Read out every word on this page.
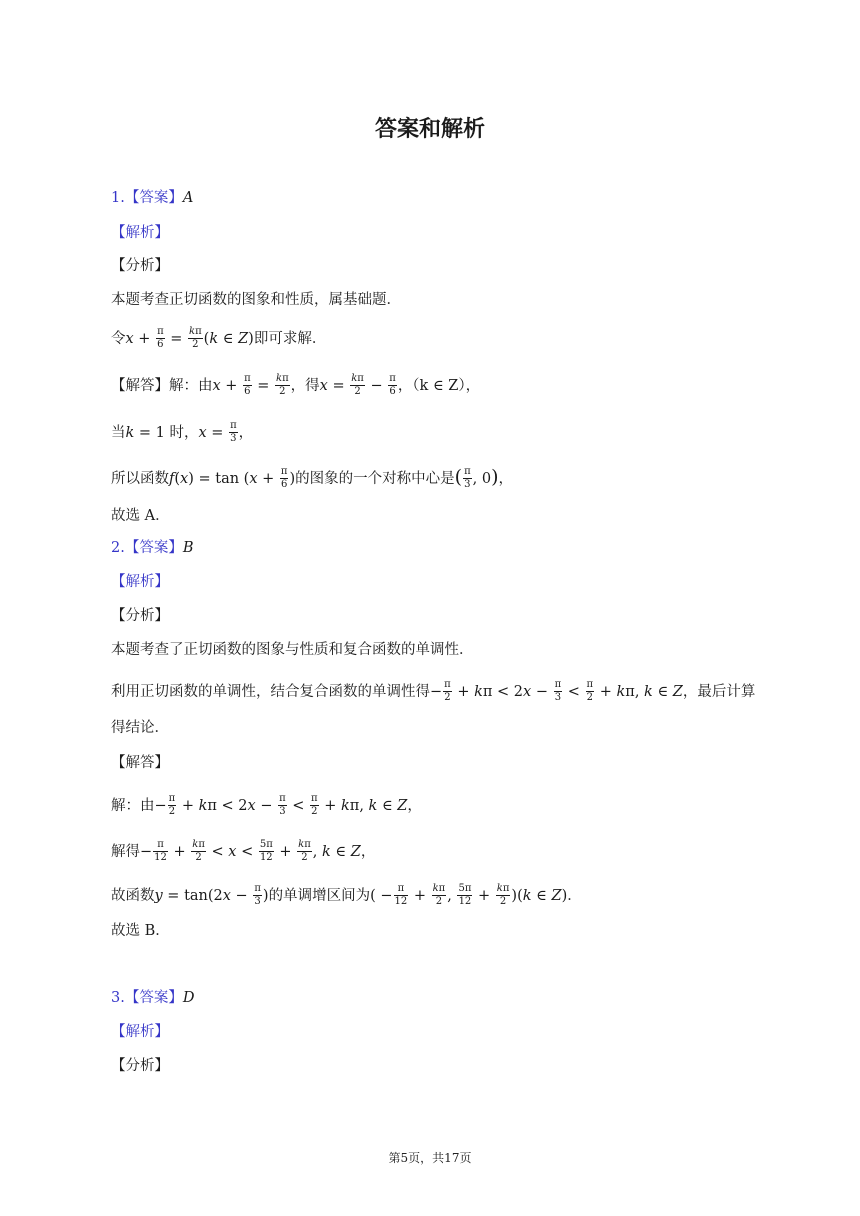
答案和解析
1.【答案】A
【解析】
【分析】
本题考查正切函数的图象和性质，属基础题．
令$x + \frac{\pi}{6} = \frac{k\pi}{2} (k$ ∈ Z)即可求解．
【解答】解：由$x + \frac{\pi}{6} = \frac{k\pi}{2}$ ，得$x = \frac{k\pi}{2} - \frac{\pi}{6}$ ，（k ∈ Z），
当k = 1 时，$x = \frac{\pi}{3}$ ，
所以函数$f(x) = \tan (x + \frac{\pi}{6}$ )的图象的一个对称中心是( $\frac{\pi}{3}$ , 0)，
故选 A．
2.【答案】B
【解析】
【分析】
本题考查了正切函数的图象与性质和复合函数的单调性．
利用正切函数的单调性，结合复合函数的单调性得− $\frac{\pi}{2} + k\pi < 2x - \frac{\pi}{3} < \frac{\pi}{2} + k\pi$, k ∈ Z，最后计算
得结论．
【解答】
解：由− $\frac{\pi}{2} + k\pi < 2x - \frac{\pi}{3} < \frac{\pi}{2} + k\pi$, k ∈ Z，
解得− $\frac{\pi}{12} + \frac{k\pi}{2} < x < \frac{5\pi}{12} + \frac{k\pi}{2}$ , k ∈ Z，
故函数$y = \tan(2x - \frac{\pi}{3}$ )的单调增区间为( − $\frac{\pi}{12} + \frac{k\pi}{2}$ , $\frac{5\pi}{12} + \frac{k\pi}{2} )(k$ ∈ Z)．
故选 B．
3.【答案】D
【解析】
【分析】
第5页，共17页
